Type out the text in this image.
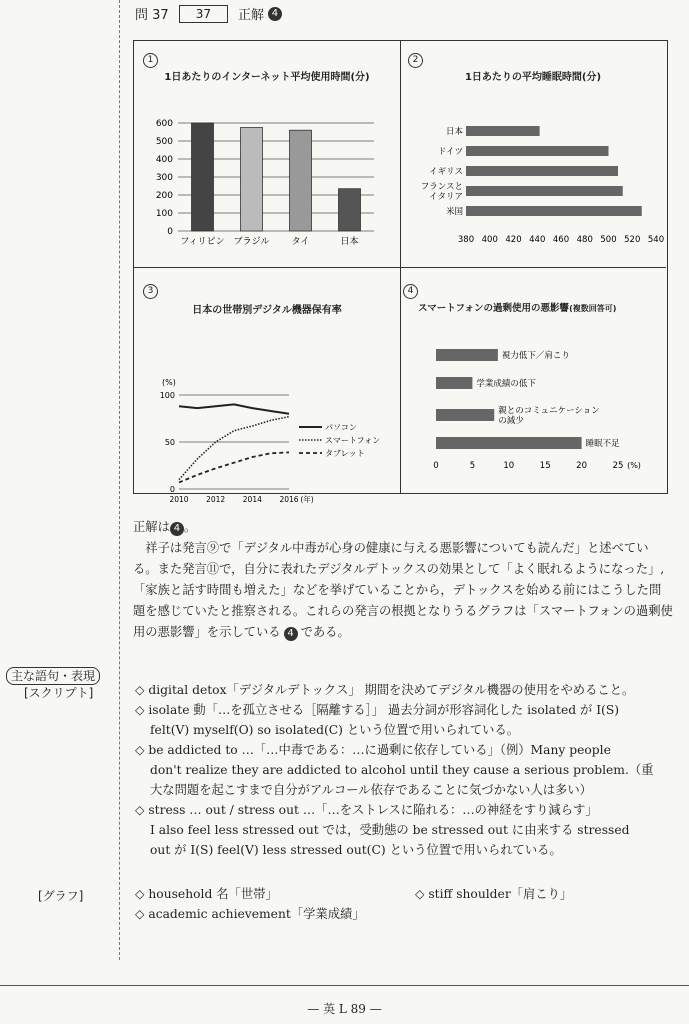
問 37	37	正解 4
1
1日あたりのインターネット平均使用時間(分)
0
100
200
300
400
500
600
フィリピン ブラジル タイ	日本
2
1日あたりの平均睡眠時間(分)
日本
ドイツ
イギリス
フランスと
イタリア
米国
380 400 420 440 460 480 500 520 540
3
日本の世帯別デジタル機器保有率
(%)
0
50
100
2010 2012 2014 2016 (年)
パソコン
スマートフォン
タブレット
4
スマートフォンの過剰使用の悪影響(複数回答可)
視力低下／肩こり
学業成績の低下
親とのコミュニケーション
の減少
睡眠不足
0	5	10	15	20	25 (%)
正解は 4 。
　祥子は発言⑨で「デジタル中毒が心身の健康に与える悪影響についても読んだ」と述べている。また発言⑪で，自分に表れたデジタルデトックスの効果として「よく眠れるようになった」,「家族と話す時間も増えた」などを挙げていることから，デトックスを始める前にはこうした問題を感じていたと推察される。これらの発言の根拠となりうるグラフは「スマートフォンの過剰使用の悪影響」を示している 4 である。
主な語句・表現
[スクリプト]	◇ digital detox「デジタルデトックス」 期間を決めてデジタル機器の使用をやめること。
◇ isolate 動「…を孤立させる［隔離する］」 過去分詞が形容詞化した isolated が I(S)
felt(V) myself(O) so isolated(C) という位置で用いられている。
◇ be addicted to …「…中毒である：…に過剰に依存している」（例）Many people
don't realize they are addicted to alcohol until they cause a serious problem.（重
大な問題を起こすまで自分がアルコール依存であることに気づかない人は多い）
◇ stress … out / stress out …「…をストレスに陥れる：…の神経をすり減らす」
I also feel less stressed out では，受動態の be stressed out に由来する stressed
out が I(S) feel(V) less stressed out(C) という位置で用いられている。
[グラフ]	◇ household 名「世帯」	◇ stiff shoulder「肩こり」
◇ academic achievement「学業成績」
— 英 L 89 —
